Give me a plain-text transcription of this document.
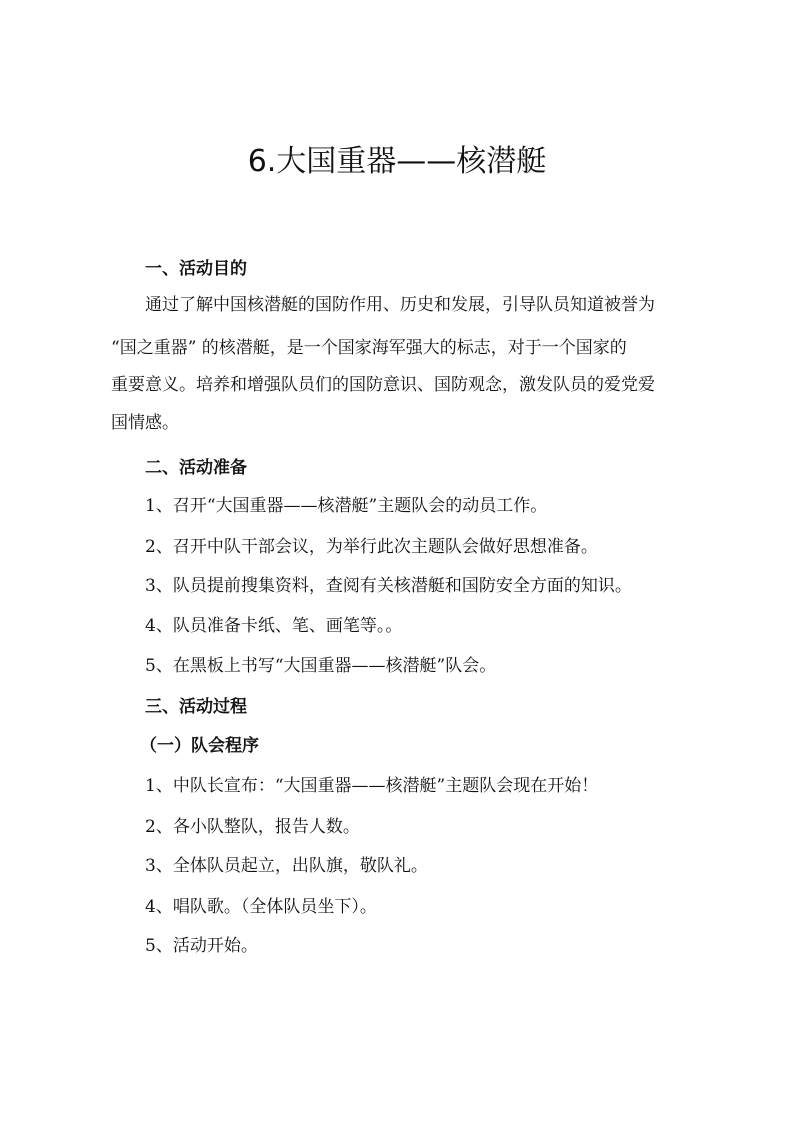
6.大国重器——核潜艇
一、活动目的
通过了解中国核潜艇的国防作用、历史和发展，引导队员知道被誉为
“国之重器” 的核潜艇，是一个国家海军强大的标志，对于一个国家的
重要意义。培养和增强队员们的国防意识、国防观念，激发队员的爱党爱
国情感。
二、活动准备
1、召开“大国重器——核潜艇”主题队会的动员工作。
2、召开中队干部会议，为举行此次主题队会做好思想准备。
3、队员提前搜集资料，查阅有关核潜艇和国防安全方面的知识。
4、队员准备卡纸、笔、画笔等。。
5、在黑板上书写“大国重器——核潜艇”队会。
三、活动过程
（一）队会程序
1、中队长宣布：“大国重器——核潜艇”主题队会现在开始！
2、各小队整队，报告人数。
3、全体队员起立，出队旗，敬队礼。
4、唱队歌。（全体队员坐下）。
5、活动开始。
